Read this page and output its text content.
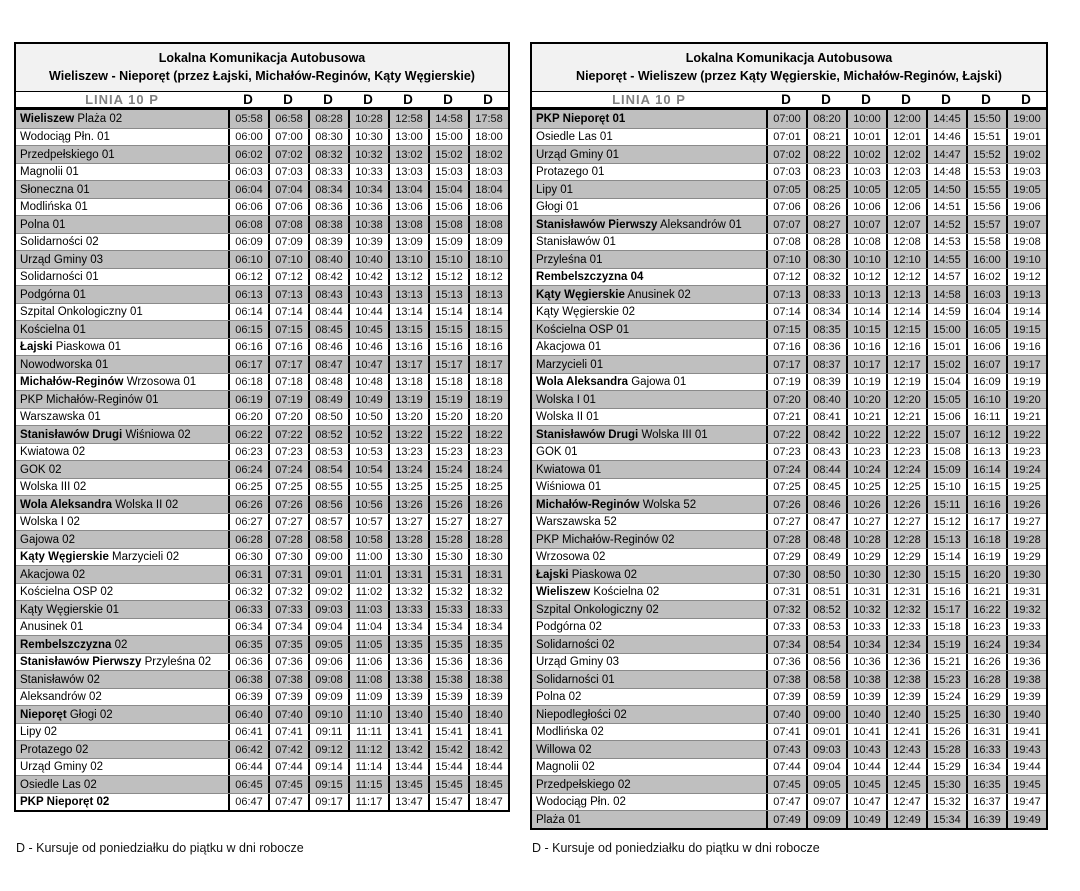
Lokalna Komunikacja Autobusowa
Wieliszew - Nieporęt (przez Łajski, Michałów-Reginów, Kąty Węgierskie)
LINIA 10 P	D	D	D	D	D	D	D
Wieliszew Plaża 02	05:58	06:58	08:28	10:28	12:58	14:58	17:58
Wodociąg Płn. 01	06:00	07:00	08:30	10:30	13:00	15:00	18:00
Przedpełskiego 01	06:02	07:02	08:32	10:32	13:02	15:02	18:02
Magnolii 01	06:03	07:03	08:33	10:33	13:03	15:03	18:03
Słoneczna 01	06:04	07:04	08:34	10:34	13:04	15:04	18:04
Modlińska 01	06:06	07:06	08:36	10:36	13:06	15:06	18:06
Polna 01	06:08	07:08	08:38	10:38	13:08	15:08	18:08
Solidarności 02	06:09	07:09	08:39	10:39	13:09	15:09	18:09
Urząd Gminy 03	06:10	07:10	08:40	10:40	13:10	15:10	18:10
Solidarności 01	06:12	07:12	08:42	10:42	13:12	15:12	18:12
Podgórna 01	06:13	07:13	08:43	10:43	13:13	15:13	18:13
Szpital Onkologiczny 01	06:14	07:14	08:44	10:44	13:14	15:14	18:14
Kościelna 01	06:15	07:15	08:45	10:45	13:15	15:15	18:15
Łajski Piaskowa 01	06:16	07:16	08:46	10:46	13:16	15:16	18:16
Nowodworska 01	06:17	07:17	08:47	10:47	13:17	15:17	18:17
Michałów-Reginów Wrzosowa 01	06:18	07:18	08:48	10:48	13:18	15:18	18:18
PKP Michałów-Reginów 01	06:19	07:19	08:49	10:49	13:19	15:19	18:19
Warszawska 01	06:20	07:20	08:50	10:50	13:20	15:20	18:20
Stanisławów Drugi Wiśniowa 02	06:22	07:22	08:52	10:52	13:22	15:22	18:22
Kwiatowa 02	06:23	07:23	08:53	10:53	13:23	15:23	18:23
GOK 02	06:24	07:24	08:54	10:54	13:24	15:24	18:24
Wolska III 02	06:25	07:25	08:55	10:55	13:25	15:25	18:25
Wola Aleksandra Wolska II 02	06:26	07:26	08:56	10:56	13:26	15:26	18:26
Wolska I 02	06:27	07:27	08:57	10:57	13:27	15:27	18:27
Gajowa 02	06:28	07:28	08:58	10:58	13:28	15:28	18:28
Kąty Węgierskie Marzycieli 02	06:30	07:30	09:00	11:00	13:30	15:30	18:30
Akacjowa 02	06:31	07:31	09:01	11:01	13:31	15:31	18:31
Kościelna OSP 02	06:32	07:32	09:02	11:02	13:32	15:32	18:32
Kąty Węgierskie 01	06:33	07:33	09:03	11:03	13:33	15:33	18:33
Anusinek 01	06:34	07:34	09:04	11:04	13:34	15:34	18:34
Rembelszczyzna 02	06:35	07:35	09:05	11:05	13:35	15:35	18:35
Stanisławów Pierwszy Przyleśna 02	06:36	07:36	09:06	11:06	13:36	15:36	18:36
Stanisławów 02	06:38	07:38	09:08	11:08	13:38	15:38	18:38
Aleksandrów 02	06:39	07:39	09:09	11:09	13:39	15:39	18:39
Nieporęt Głogi 02	06:40	07:40	09:10	11:10	13:40	15:40	18:40
Lipy 02	06:41	07:41	09:11	11:11	13:41	15:41	18:41
Protazego 02	06:42	07:42	09:12	11:12	13:42	15:42	18:42
Urząd Gminy 02	06:44	07:44	09:14	11:14	13:44	15:44	18:44
Osiedle Las 02	06:45	07:45	09:15	11:15	13:45	15:45	18:45
PKP Nieporęt 02	06:47	07:47	09:17	11:17	13:47	15:47	18:47
Lokalna Komunikacja Autobusowa
Nieporęt - Wieliszew (przez Kąty Węgierskie, Michałów-Reginów, Łajski)
LINIA 10 P	D	D	D	D	D	D	D
PKP Nieporęt 01	07:00	08:20	10:00	12:00	14:45	15:50	19:00
Osiedle Las 01	07:01	08:21	10:01	12:01	14:46	15:51	19:01
Urząd Gminy 01	07:02	08:22	10:02	12:02	14:47	15:52	19:02
Protazego 01	07:03	08:23	10:03	12:03	14:48	15:53	19:03
Lipy 01	07:05	08:25	10:05	12:05	14:50	15:55	19:05
Głogi 01	07:06	08:26	10:06	12:06	14:51	15:56	19:06
Stanisławów Pierwszy Aleksandrów 01	07:07	08:27	10:07	12:07	14:52	15:57	19:07
Stanisławów 01	07:08	08:28	10:08	12:08	14:53	15:58	19:08
Przyleśna 01	07:10	08:30	10:10	12:10	14:55	16:00	19:10
Rembelszczyzna 04	07:12	08:32	10:12	12:12	14:57	16:02	19:12
Kąty Węgierskie Anusinek 02	07:13	08:33	10:13	12:13	14:58	16:03	19:13
Kąty Węgierskie 02	07:14	08:34	10:14	12:14	14:59	16:04	19:14
Kościelna OSP 01	07:15	08:35	10:15	12:15	15:00	16:05	19:15
Akacjowa 01	07:16	08:36	10:16	12:16	15:01	16:06	19:16
Marzycieli 01	07:17	08:37	10:17	12:17	15:02	16:07	19:17
Wola Aleksandra Gajowa 01	07:19	08:39	10:19	12:19	15:04	16:09	19:19
Wolska I 01	07:20	08:40	10:20	12:20	15:05	16:10	19:20
Wolska II 01	07:21	08:41	10:21	12:21	15:06	16:11	19:21
Stanisławów Drugi Wolska III 01	07:22	08:42	10:22	12:22	15:07	16:12	19:22
GOK 01	07:23	08:43	10:23	12:23	15:08	16:13	19:23
Kwiatowa 01	07:24	08:44	10:24	12:24	15:09	16:14	19:24
Wiśniowa 01	07:25	08:45	10:25	12:25	15:10	16:15	19:25
Michałów-Reginów Wolska 52	07:26	08:46	10:26	12:26	15:11	16:16	19:26
Warszawska 52	07:27	08:47	10:27	12:27	15:12	16:17	19:27
PKP Michałów-Reginów 02	07:28	08:48	10:28	12:28	15:13	16:18	19:28
Wrzosowa 02	07:29	08:49	10:29	12:29	15:14	16:19	19:29
Łajski Piaskowa 02	07:30	08:50	10:30	12:30	15:15	16:20	19:30
Wieliszew Kościelna 02	07:31	08:51	10:31	12:31	15:16	16:21	19:31
Szpital Onkologiczny 02	07:32	08:52	10:32	12:32	15:17	16:22	19:32
Podgórna 02	07:33	08:53	10:33	12:33	15:18	16:23	19:33
Solidarności 02	07:34	08:54	10:34	12:34	15:19	16:24	19:34
Urząd Gminy 03	07:36	08:56	10:36	12:36	15:21	16:26	19:36
Solidarności 01	07:38	08:58	10:38	12:38	15:23	16:28	19:38
Polna 02	07:39	08:59	10:39	12:39	15:24	16:29	19:39
Niepodległości 02	07:40	09:00	10:40	12:40	15:25	16:30	19:40
Modlińska 02	07:41	09:01	10:41	12:41	15:26	16:31	19:41
Willowa 02	07:43	09:03	10:43	12:43	15:28	16:33	19:43
Magnolii 02	07:44	09:04	10:44	12:44	15:29	16:34	19:44
Przedpełskiego 02	07:45	09:05	10:45	12:45	15:30	16:35	19:45
Wodociąg Płn. 02	07:47	09:07	10:47	12:47	15:32	16:37	19:47
Plaża 01	07:49	09:09	10:49	12:49	15:34	16:39	19:49
D - Kursuje od poniedziałku do piątku w dni robocze	D - Kursuje od poniedziałku do piątku w dni robocze
